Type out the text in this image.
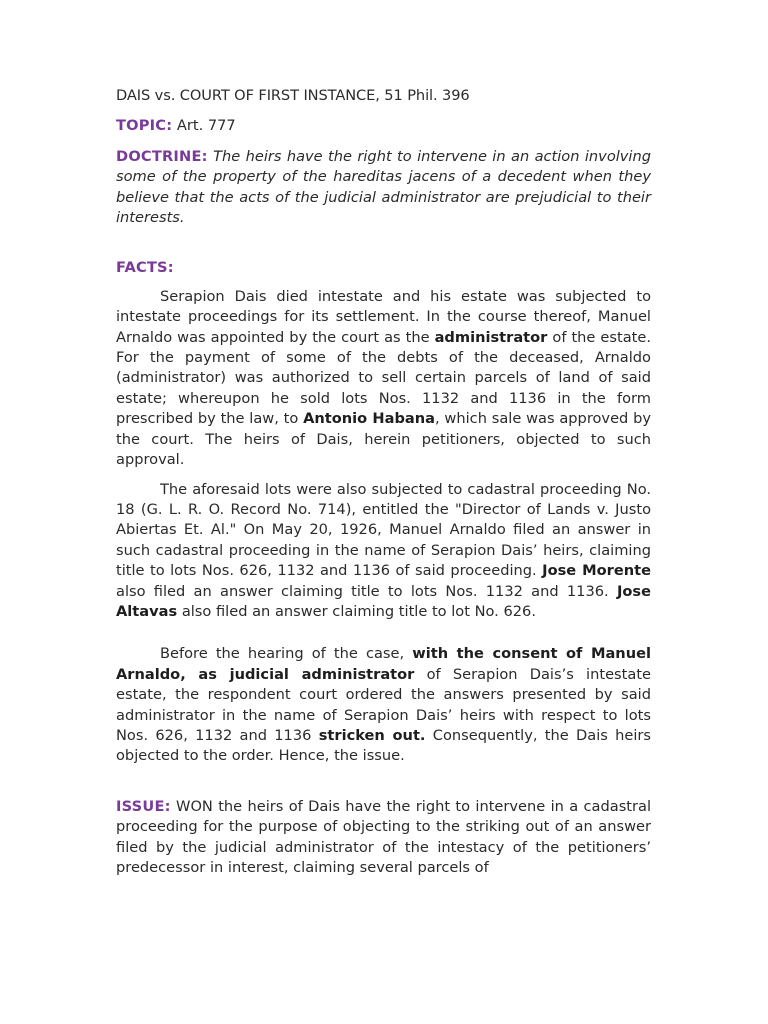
DAIS vs. COURT OF FIRST INSTANCE, 51 Phil. 396

TOPIC: Art. 777

DOCTRINE: The heirs have the right to intervene in an action involving some of the property of the hareditas jacens of a decedent when they believe that the acts of the judicial administrator are prejudicial to their interests.

FACTS:

Serapion Dais died intestate and his estate was subjected to intestate proceedings for its settlement. In the course thereof, Manuel Arnaldo was appointed by the court as the administrator of the estate. For the payment of some of the debts of the deceased, Arnaldo (administrator) was authorized to sell certain parcels of land of said estate; whereupon he sold lots Nos. 1132 and 1136 in the form prescribed by the law, to Antonio Habana, which sale was approved by the court. The heirs of Dais, herein petitioners, objected to such approval.

The aforesaid lots were also subjected to cadastral proceeding No. 18 (G. L. R. O. Record No. 714), entitled the "Director of Lands v. Justo Abiertas Et. Al." On May 20, 1926, Manuel Arnaldo filed an answer in such cadastral proceeding in the name of Serapion Dais’ heirs, claiming title to lots Nos. 626, 1132 and 1136 of said proceeding. Jose Morente also filed an answer claiming title to lots Nos. 1132 and 1136. Jose Altavas also filed an answer claiming title to lot No. 626.

Before the hearing of the case, with the consent of Manuel Arnaldo, as judicial administrator of Serapion Dais’s intestate estate, the respondent court ordered the answers presented by said administrator in the name of Serapion Dais’ heirs with respect to lots Nos. 626, 1132 and 1136 stricken out. Consequently, the Dais heirs objected to the order. Hence, the issue.

ISSUE: WON the heirs of Dais have the right to intervene in a cadastral proceeding for the purpose of objecting to the striking out of an answer filed by the judicial administrator of the intestacy of the petitioners’ predecessor in interest, claiming several parcels of
